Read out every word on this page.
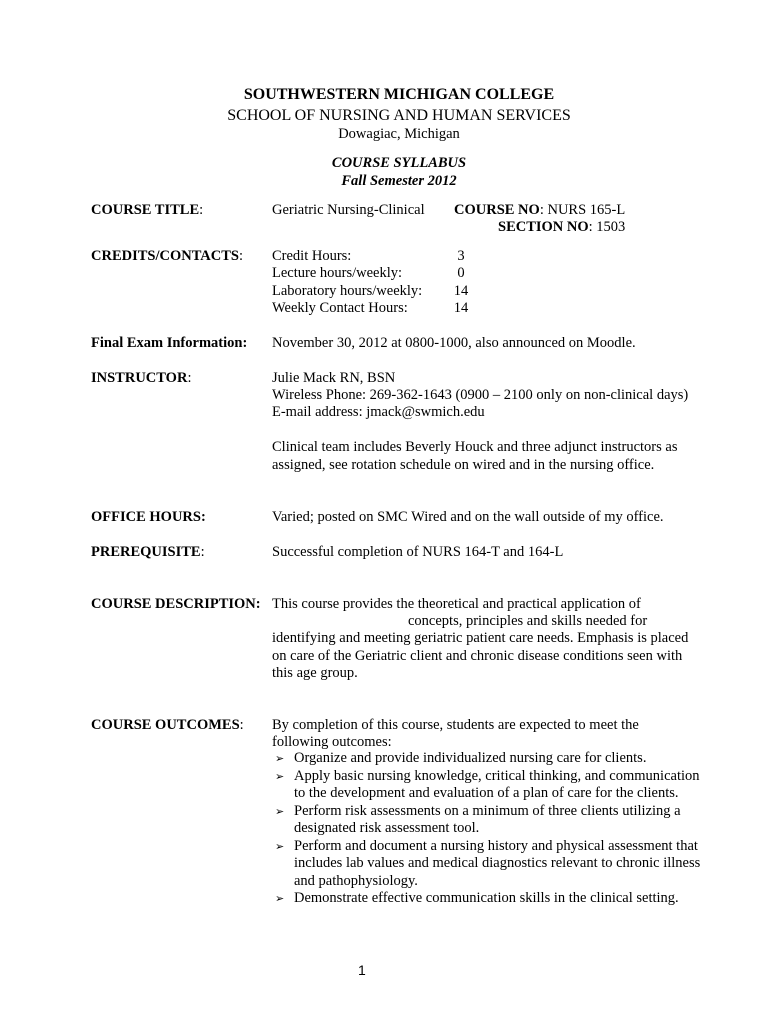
SOUTHWESTERN MICHIGAN COLLEGE
SCHOOL OF NURSING AND HUMAN SERVICES
Dowagiac, Michigan
COURSE SYLLABUS
Fall Semester 2012
COURSE TITLE:	Geriatric Nursing-Clinical COURSE NO: NURS 165-L
SECTION NO: 1503
CREDITS/CONTACTS: Credit Hours:	3
Lecture hours/weekly:	0
Laboratory hours/weekly:	14
Weekly Contact Hours:	14
Final Exam Information: November 30, 2012 at 0800-1000, also announced on Moodle.
INSTRUCTOR:	Julie Mack RN, BSN
Wireless Phone: 269-362-1643 (0900 – 2100 only on non-clinical days)
E-mail address: jmack@swmich.edu
Clinical team includes Beverly Houck and three adjunct instructors as
assigned, see rotation schedule on wired and in the nursing office.
OFFICE HOURS:	Varied; posted on SMC Wired and on the wall outside of my office.
PREREQUISITE:	Successful completion of NURS 164-T and 164-L
COURSE DESCRIPTION: This course provides the theoretical and practical application of
concepts, principles and skills needed for
identifying and meeting geriatric patient care needs. Emphasis is placed
on care of the Geriatric client and chronic disease conditions seen with
this age group.
COURSE OUTCOMES: By completion of this course, students are expected to meet the
following outcomes:
➢ Organize and provide individualized nursing care for clients.
➢ Apply basic nursing knowledge, critical thinking, and communication to the development and evaluation of a plan of care for the clients.
➢ Perform risk assessments on a minimum of three clients utilizing a designated risk assessment tool.
➢ Perform and document a nursing history and physical assessment that includes lab values and medical diagnostics relevant to chronic illness and pathophysiology.
➢ Demonstrate effective communication skills in the clinical setting.
1
